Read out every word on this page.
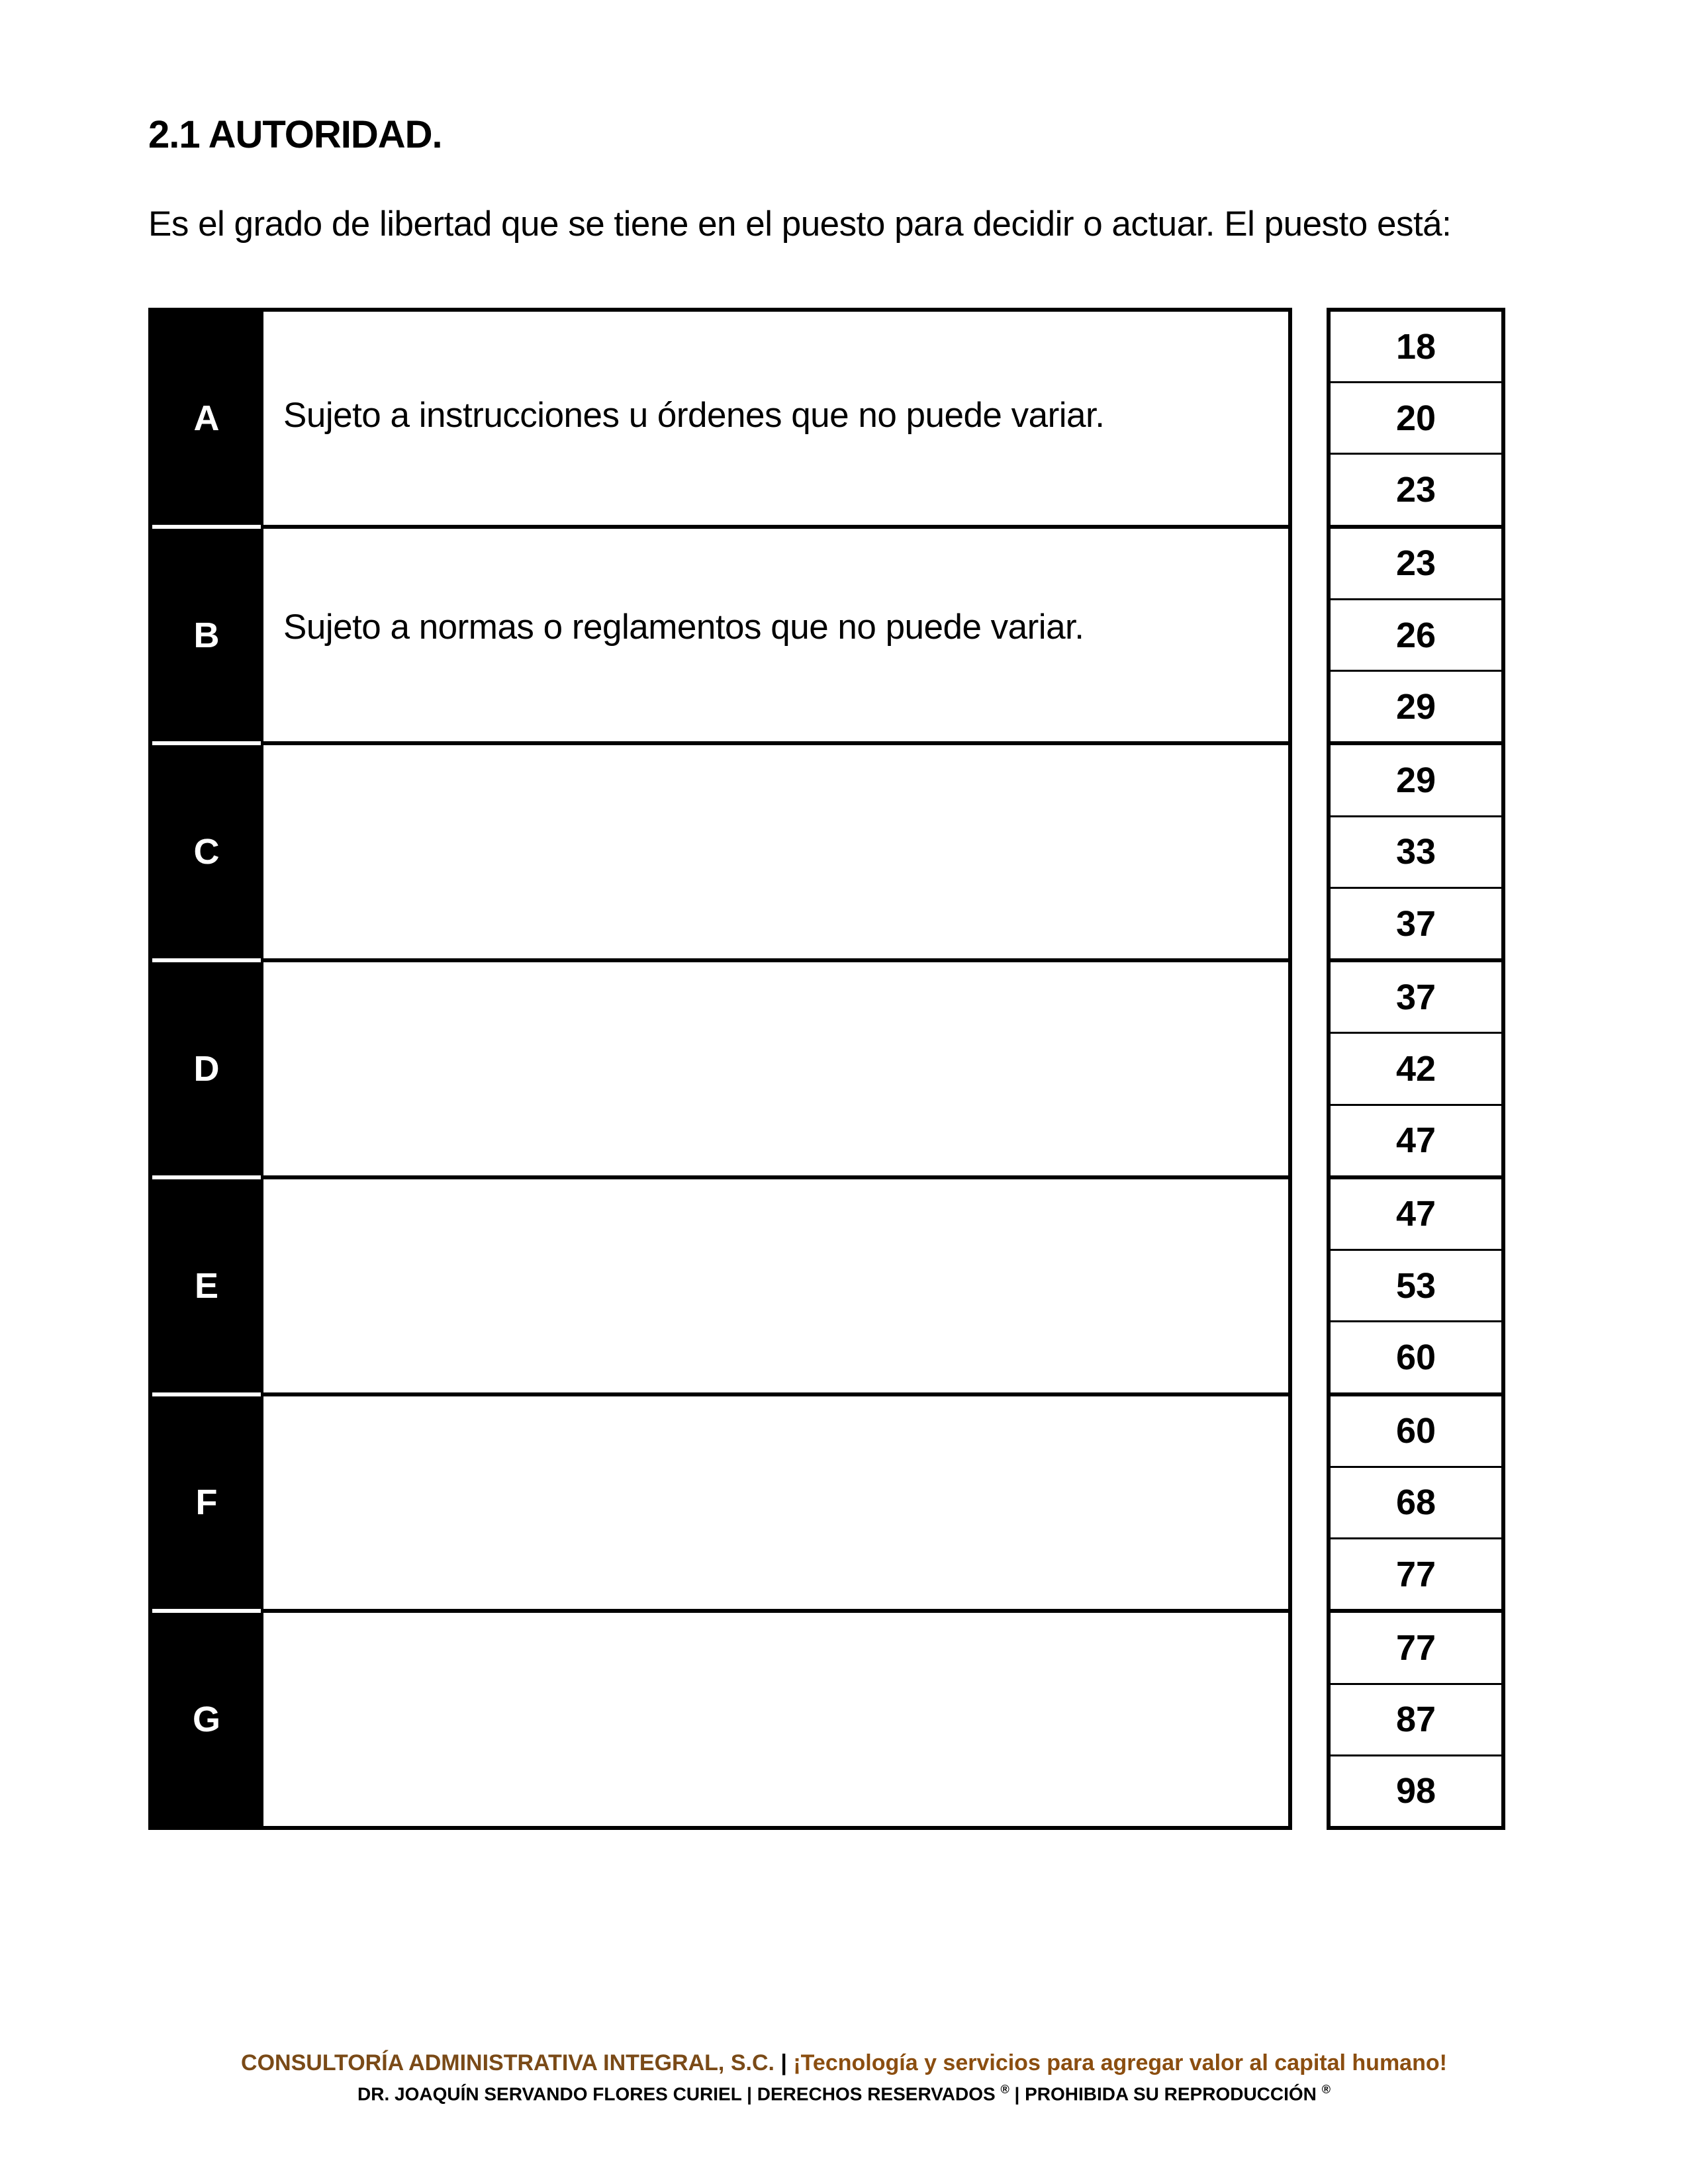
2.1 AUTORIDAD.

Es el grado de libertad que se tiene en el puesto para decidir o actuar. El puesto está:

A	Sujeto a instrucciones u órdenes que no puede variar.
B	Sujeto a normas o reglamentos que no puede variar.
C
D
E
F
G
18
20
23
23
26
29
29
33
37
37
42
47
47
53
60
60
68
77
77
87
98

CONSULTORÍA ADMINISTRATIVA INTEGRAL, S.C. | ¡Tecnología y servicios para agregar valor al capital humano!

DR. JOAQUÍN SERVANDO FLORES CURIEL | DERECHOS RESERVADOS ® | PROHIBIDA SU REPRODUCCIÓN ®
